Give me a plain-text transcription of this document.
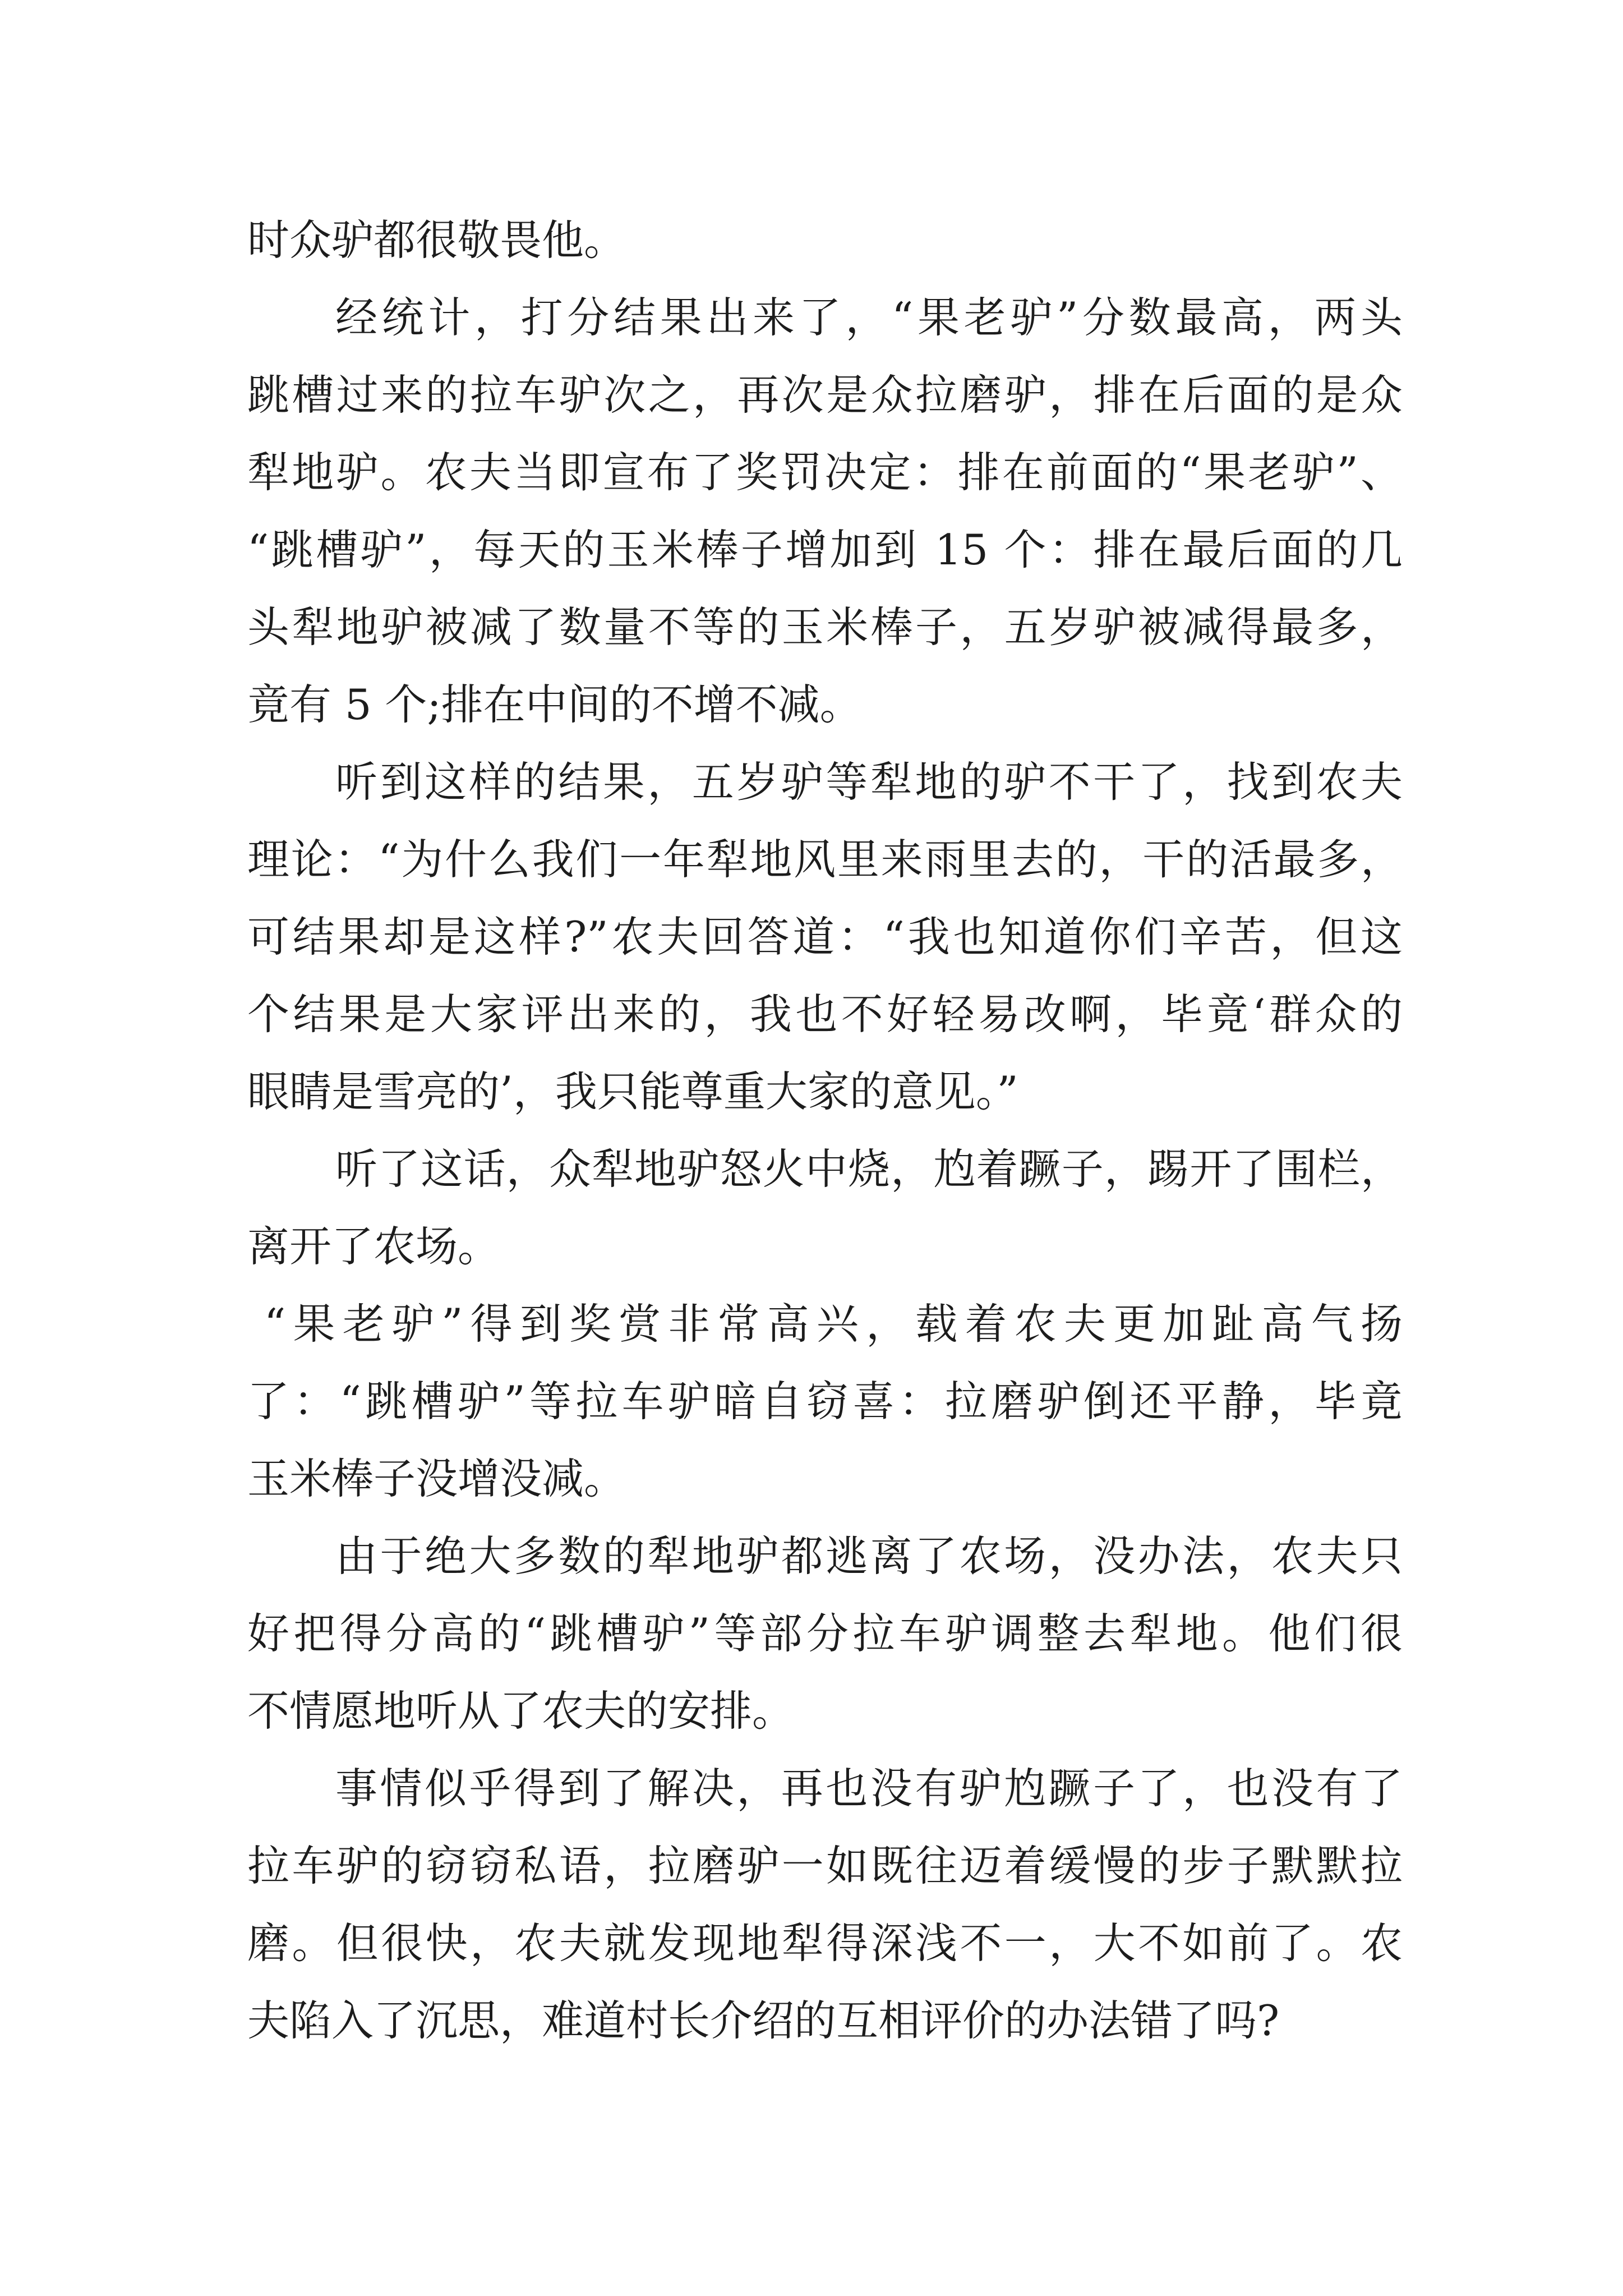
时众驴都很敬畏他。
经统计，打分结果出来了，“果老驴”分数最高，两头
跳槽过来的拉车驴次之，再次是众拉磨驴，排在后面的是众
犁地驴。农夫当即宣布了奖罚决定：排在前面的“果老驴”、
“跳槽驴”，每天的玉米棒子增加到 15 个：排在最后面的几
头犁地驴被减了数量不等的玉米棒子，五岁驴被减得最多，
竟有 5 个;排在中间的不增不减。
听到这样的结果，五岁驴等犁地的驴不干了，找到农夫
理论：“为什么我们一年犁地风里来雨里去的，干的活最多，
可结果却是这样?”农夫回答道：“我也知道你们辛苦，但这
个结果是大家评出来的，我也不好轻易改啊，毕竟‘群众的
眼睛是雪亮的’，我只能尊重大家的意见。”
听了这话，众犁地驴怒火中烧，尥着蹶子，踢开了围栏，
离开了农场。
“果老驴”得到奖赏非常高兴，载着农夫更加趾高气扬
了：“跳槽驴”等拉车驴暗自窃喜：拉磨驴倒还平静，毕竟
玉米棒子没增没减。
由于绝大多数的犁地驴都逃离了农场，没办法，农夫只
好把得分高的“跳槽驴”等部分拉车驴调整去犁地。他们很
不情愿地听从了农夫的安排。
事情似乎得到了解决，再也没有驴尥蹶子了，也没有了
拉车驴的窃窃私语，拉磨驴一如既往迈着缓慢的步子默默拉
磨。但很快，农夫就发现地犁得深浅不一，大不如前了。农
夫陷入了沉思，难道村长介绍的互相评价的办法错了吗?
